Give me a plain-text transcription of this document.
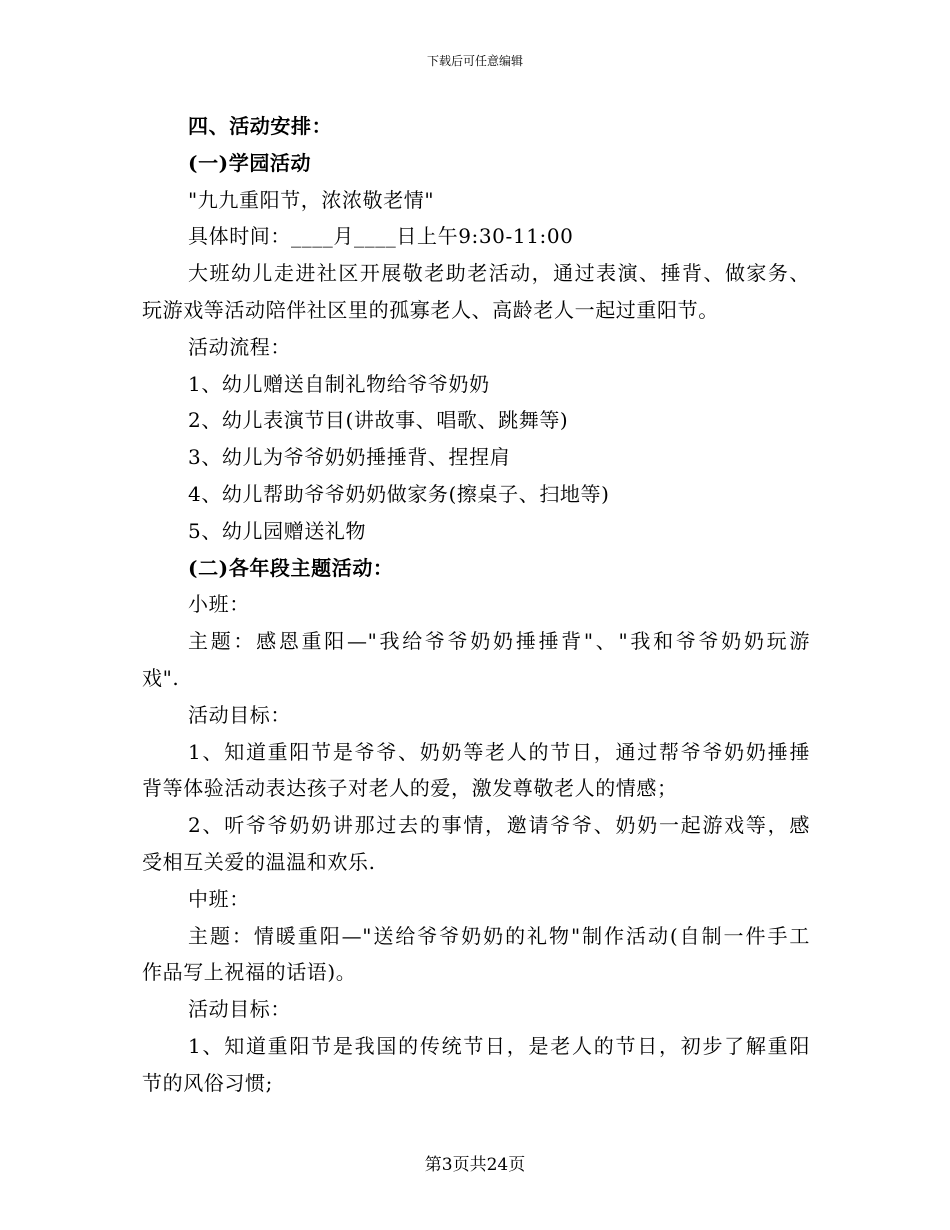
下载后可任意编辑
四、活动安排：
(一)学园活动
"九九重阳节，浓浓敬老情"
具体时间：____月____日上午9:30-11:00
大班幼儿走进社区开展敬老助老活动，通过表演、捶背、做家务、
玩游戏等活动陪伴社区里的孤寡老人、高龄老人一起过重阳节。
活动流程：
1、幼儿赠送自制礼物给爷爷奶奶
2、幼儿表演节目(讲故事、唱歌、跳舞等)
3、幼儿为爷爷奶奶捶捶背、捏捏肩
4、幼儿帮助爷爷奶奶做家务(擦桌子、扫地等)
5、幼儿园赠送礼物
(二)各年段主题活动：
小班：
主题：感恩重阳—"我给爷爷奶奶捶捶背"、"我和爷爷奶奶玩游
戏".
活动目标：
1、知道重阳节是爷爷、奶奶等老人的节日，通过帮爷爷奶奶捶捶
背等体验活动表达孩子对老人的爱，激发尊敬老人的情感；
2、听爷爷奶奶讲那过去的事情，邀请爷爷、奶奶一起游戏等，感
受相互关爱的温温和欢乐.
中班：
主题：情暖重阳—"送给爷爷奶奶的礼物"制作活动(自制一件手工
作品写上祝福的话语)。
活动目标：
1、知道重阳节是我国的传统节日，是老人的节日，初步了解重阳
节的风俗习惯;
第3页共24页
